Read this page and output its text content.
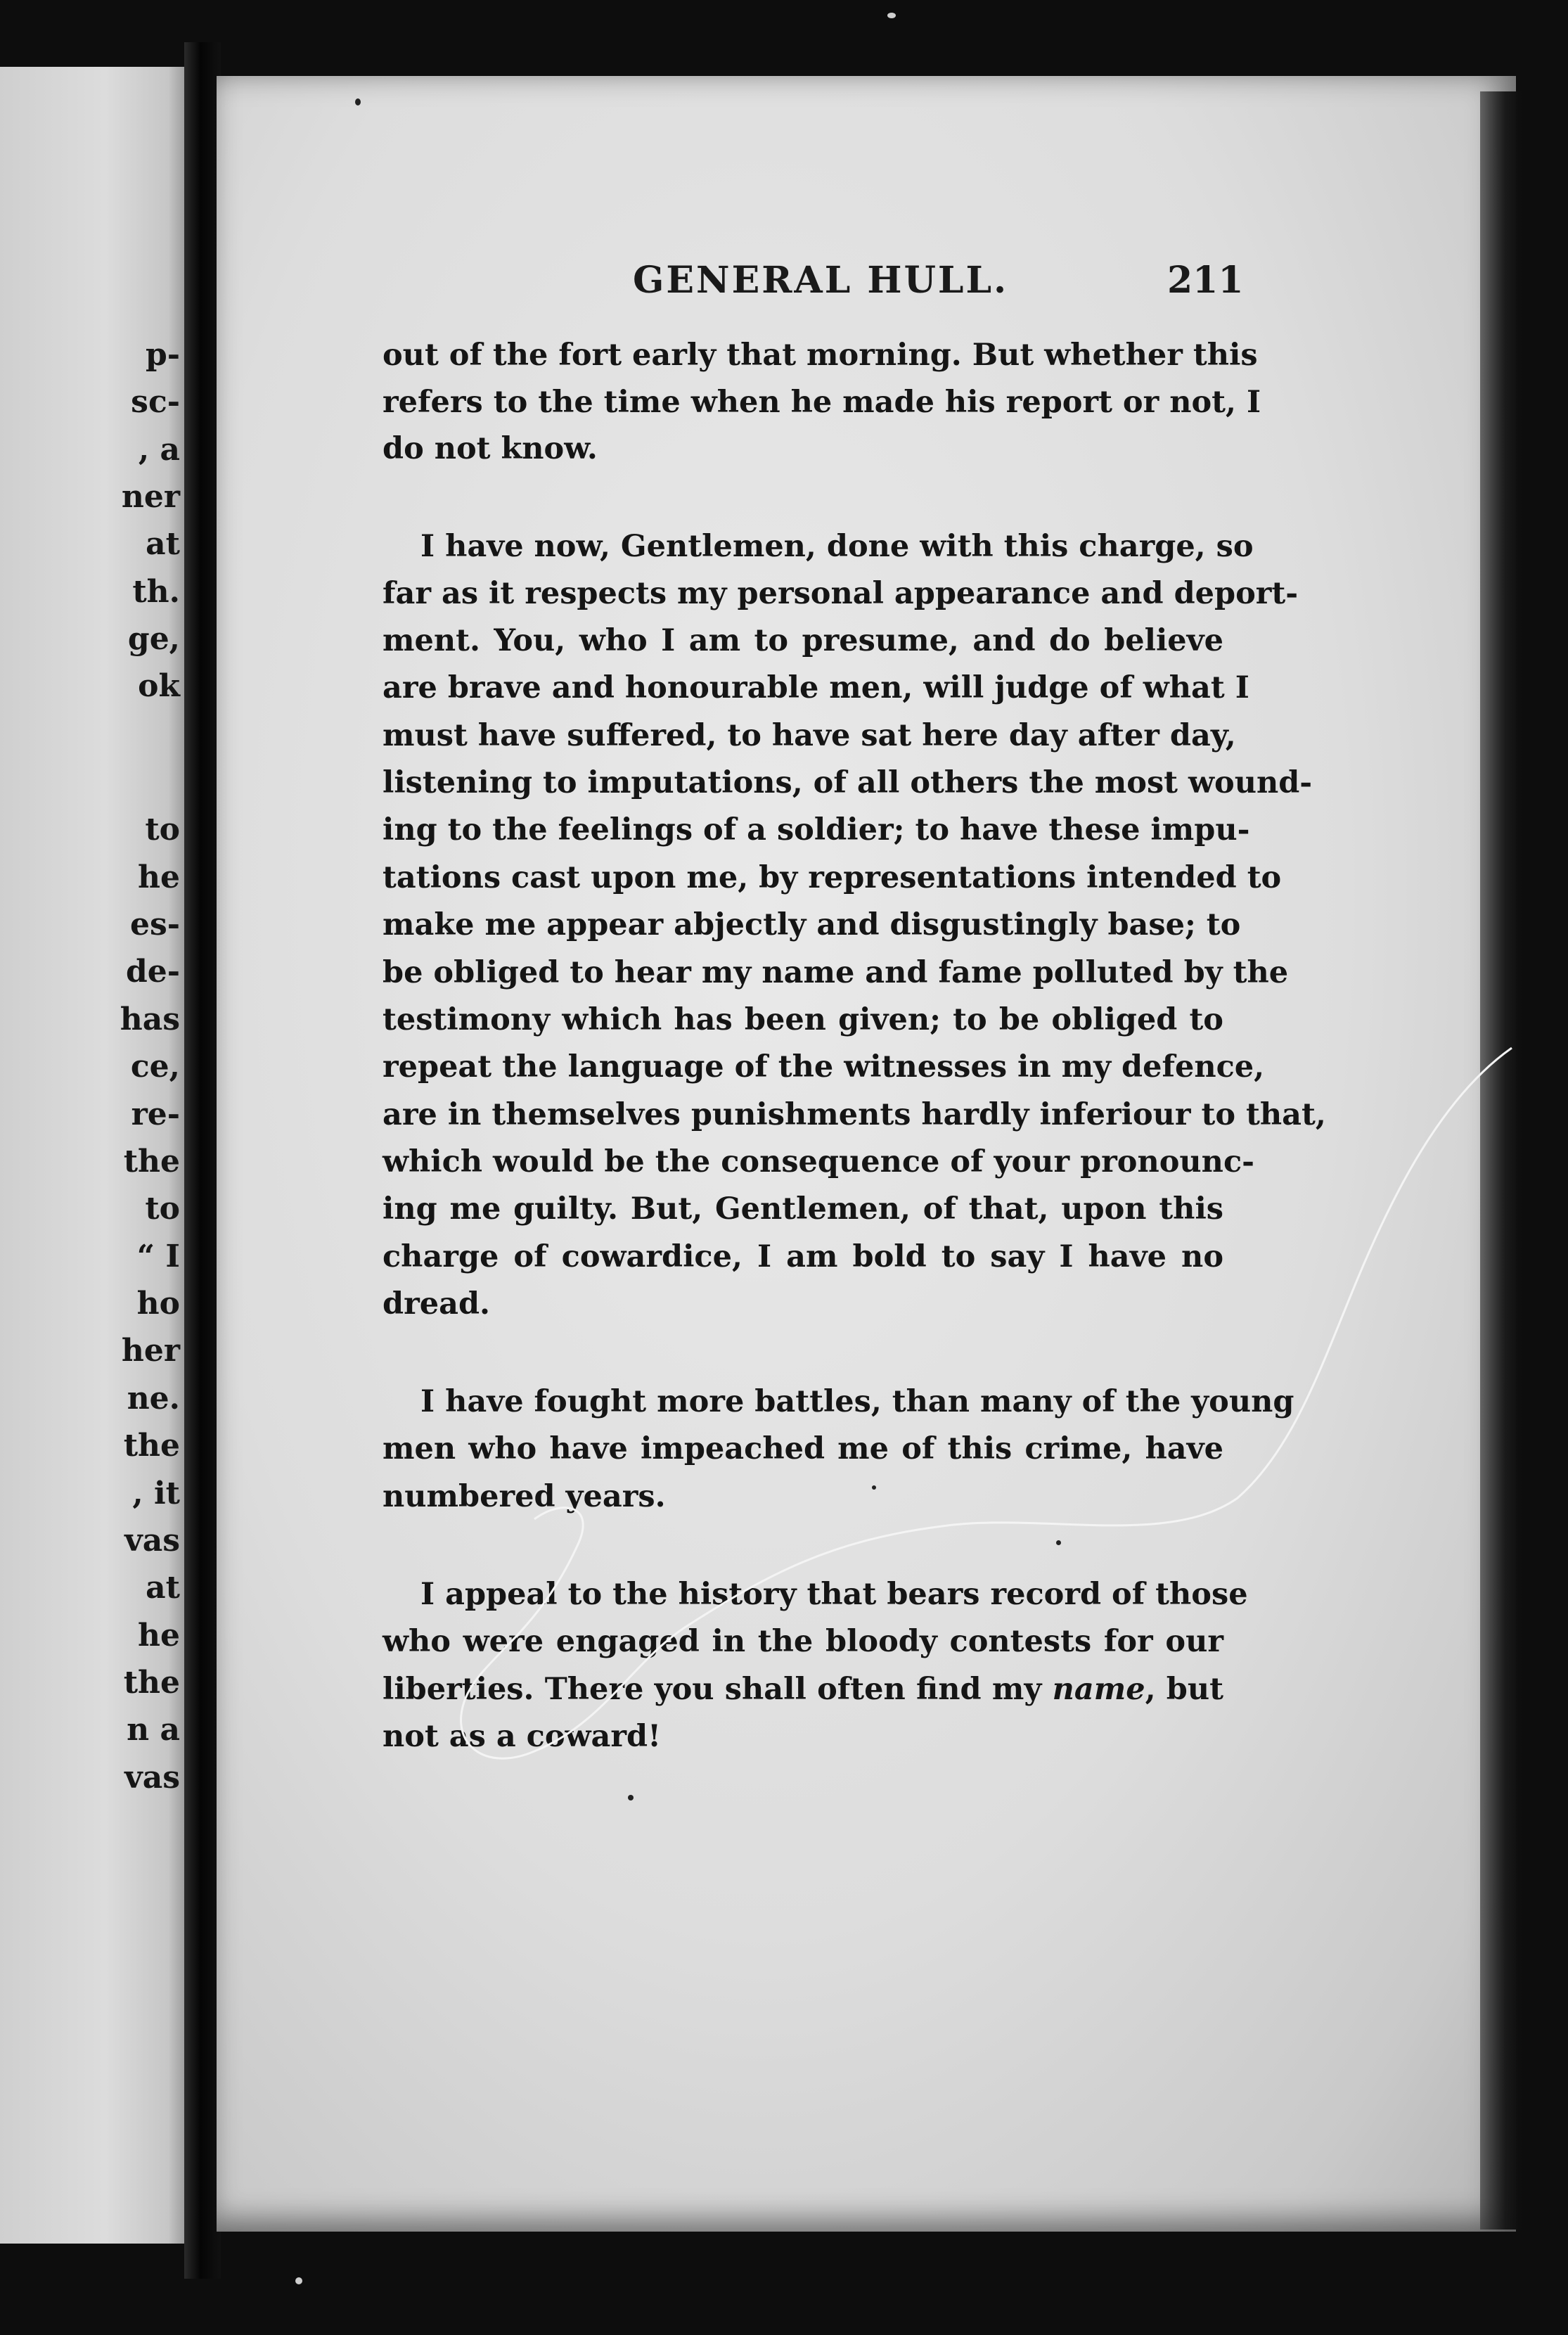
p-
sc-
, a
ner
at
th.
ge,
ok
to
he
es-
de-
has
ce,
re-
the
to
“ I
ho
her
ne.
the
, it
vas
at
he
the
n a
vas
GENERAL HULL.	211
out of the fort early that morning. But whether this
refers to the time when he made his report or not, I
do not know.
I have now, Gentlemen, done with this charge, so
far as it respects my personal appearance and deport-
ment. You, who I am to presume, and do believe
are brave and honourable men, will judge of what I
must have suffered, to have sat here day after day,
listening to imputations, of all others the most wound-
ing to the feelings of a soldier; to have these impu-
tations cast upon me, by representations intended to
make me appear abjectly and disgustingly base; to
be obliged to hear my name and fame polluted by the
testimony which has been given; to be obliged to
repeat the language of the witnesses in my defence,
are in themselves punishments hardly inferiour to that,
which would be the consequence of your pronounc-
ing me guilty. But, Gentlemen, of that, upon this
charge of cowardice, I am bold to say I have no
dread.
I have fought more battles, than many of the young
men who have impeached me of this crime, have
numbered years.
I appeal to the history that bears record of those
who were engaged in the bloody contests for our
liberties. There you shall often find my name, but
not as a coward!
